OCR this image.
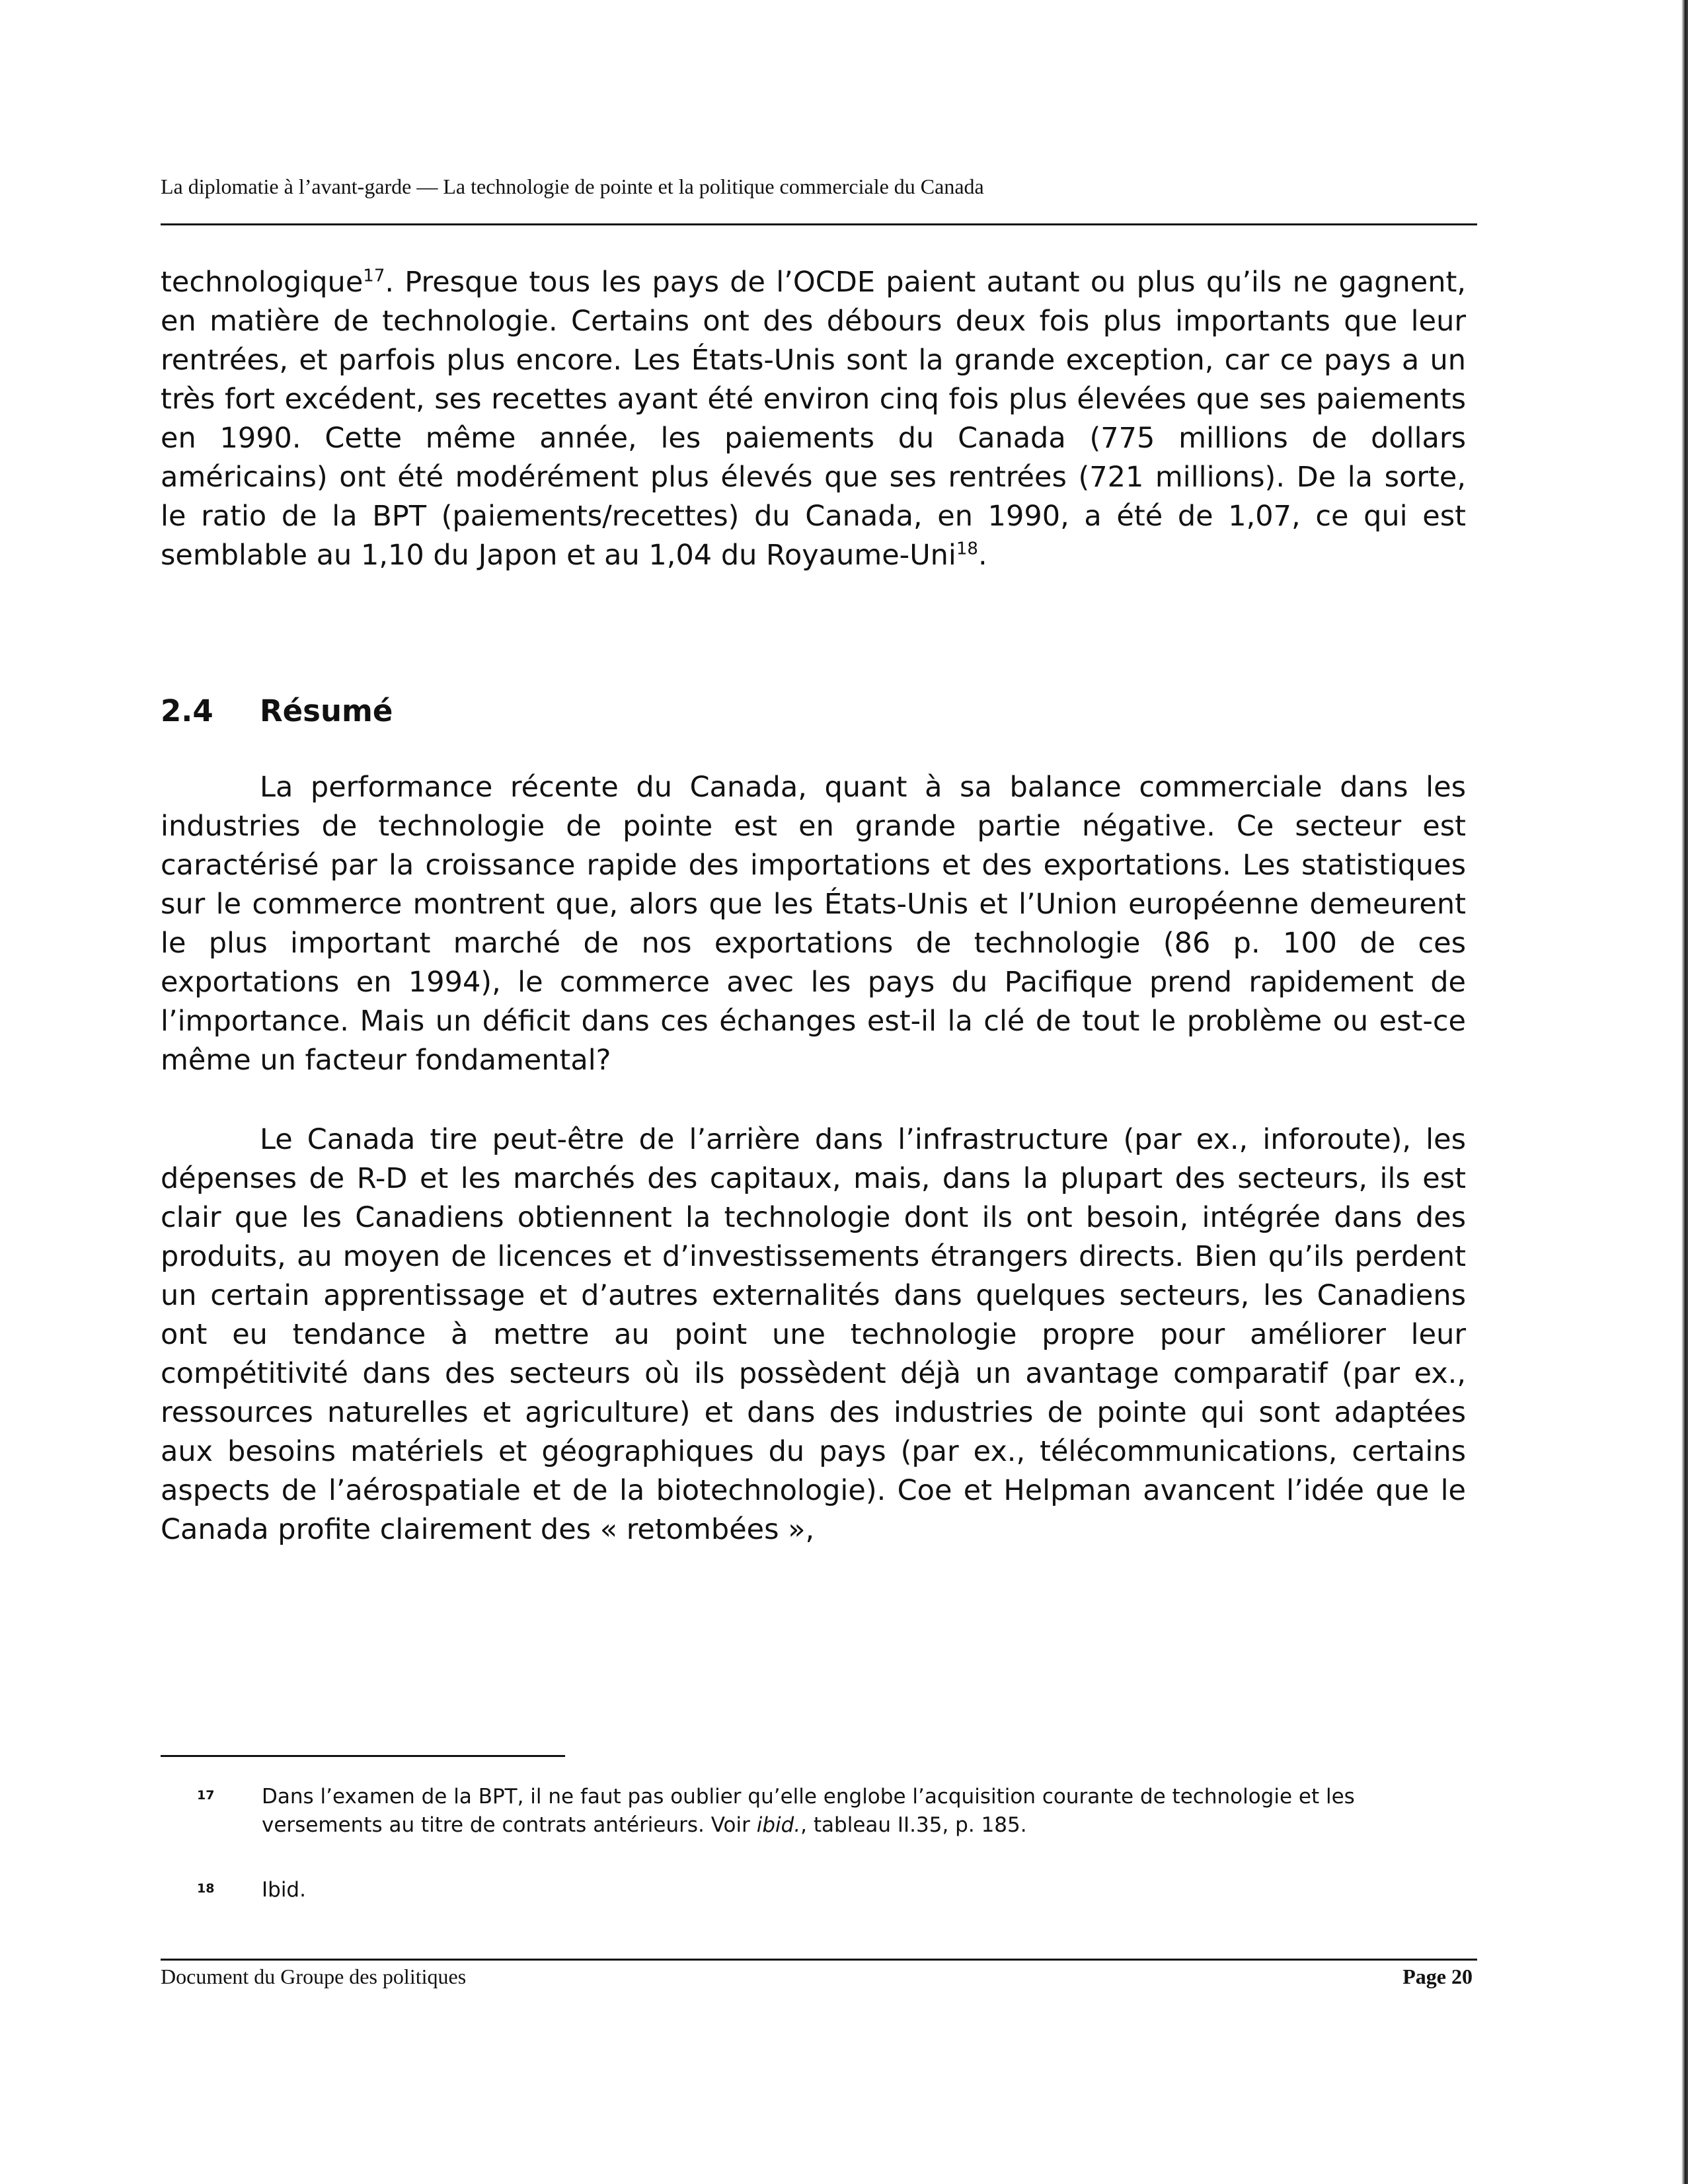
La diplomatie à l’avant-garde — La technologie de pointe et la politique commerciale du Canada
technologique$^{17}$. Presque tous les pays de l’OCDE paient autant ou plus qu’ils ne gagnent, en matière de technologie. Certains ont des débours deux fois plus importants que leur rentrées, et parfois plus encore. Les États-Unis sont la grande exception, car ce pays a un très fort excédent, ses recettes ayant été environ cinq fois plus élevées que ses paiements en 1990. Cette même année, les paiements du Canada (775 millions de dollars américains) ont été modérément plus élevés que ses rentrées (721 millions). De la sorte, le ratio de la BPT (paiements/recettes) du Canada, en 1990, a été de 1,07, ce qui est semblable au 1,10 du Japon et au 1,04 du Royaume-Uni$^{18}$.
2.4 Résumé
La performance récente du Canada, quant à sa balance commerciale dans les industries de technologie de pointe est en grande partie négative. Ce secteur est caractérisé par la croissance rapide des importations et des exportations. Les statistiques sur le commerce montrent que, alors que les États-Unis et l’Union européenne demeurent le plus important marché de nos exportations de technologie (86 p. 100 de ces exportations en 1994), le commerce avec les pays du Pacifique prend rapidement de l’importance. Mais un déficit dans ces échanges est-il la clé de tout le problème ou est-ce même un facteur fondamental?
Le Canada tire peut-être de l’arrière dans l’infrastructure (par ex., inforoute), les dépenses de R-D et les marchés des capitaux, mais, dans la plupart des secteurs, ils est clair que les Canadiens obtiennent la technologie dont ils ont besoin, intégrée dans des produits, au moyen de licences et d’investissements étrangers directs. Bien qu’ils perdent un certain apprentissage et d’autres externalités dans quelques secteurs, les Canadiens ont eu tendance à mettre au point une technologie propre pour améliorer leur compétitivité dans des secteurs où ils possèdent déjà un avantage comparatif (par ex., ressources naturelles et agriculture) et dans des industries de pointe qui sont adaptées aux besoins matériels et géographiques du pays (par ex., télécommunications, certains aspects de l’aérospatiale et de la biotechnologie). Coe et Helpman avancent l’idée que le Canada profite clairement des « retombées »,
17 Dans l’examen de la BPT, il ne faut pas oublier qu’elle englobe l’acquisition courante de technologie et les versements au titre de contrats antérieurs. Voir ibid., tableau II.35, p. 185.
18 Ibid.
Document du Groupe des politiques	Page 20
